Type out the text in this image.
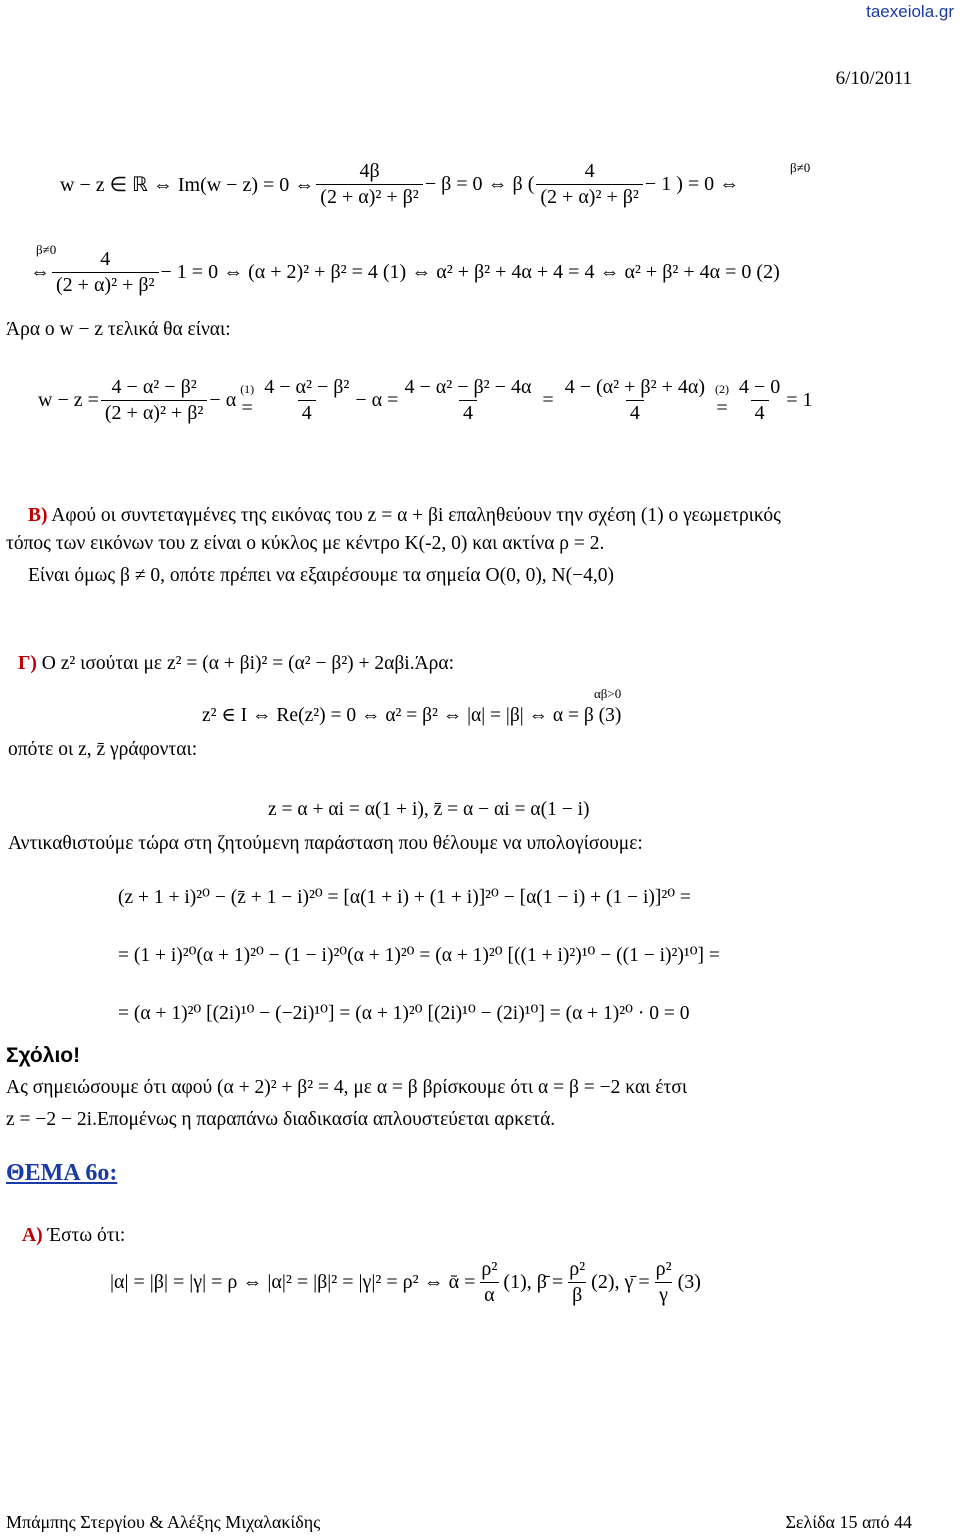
taexeiola.gr
6/10/2011
β≠0
w − z ∈ ℝ ⇔ Im(w − z) = 0 ⇔ $\frac{4\beta}{\text{(2 + α)² + β²}} - \beta = 0$ ⇔ β ( $\frac{4}{\text{(2 + α)² + β²}} - 1$ ) = 0 ⇔
β≠0
⇔ $\frac{4}{\text{(2 + α)² + β²}} - 1 = 0$ ⇔ (α + 2)² + β² = 4 (1) ⇔ α² + β² + 4α + 4 = 4 ⇔ α² + β² + 4α = 0 (2)
Άρα ο w − z τελικά θα είναι:
$w - z = \frac{\text{4 − α² − β²}}{\text{(2 + α)² + β²}} - \alpha$
(1)
= $\frac{\text{4 − α² − β²}}{4} - \alpha = \frac{\text{4 − α² − β² − 4α}}{4} = \frac{\text{4 − (α² + β² + 4α)}}{4} (2)$
= $\frac{4 - 0}{4} = 1$
Β) Αφού οι συντεταγμένες της εικόνας του z = α + βi επαληθεύουν την σχέση (1) ο γεωμετρικός
τόπος των εικόνων του z είναι ο κύκλος με κέντρο Κ(-2, 0) και ακτίνα ρ = 2.
Είναι όμως β ≠ 0, οπότε πρέπει να εξαιρέσουμε τα σημεία Ο(0, 0), Ν(−4,0)
Γ) Ο z² ισούται με z² = (α + βi)² = (α² − β²) + 2αβi.Άρα:
αβ>0
z² ∈ I ⇔ Re(z²) = 0 ⇔ α² = β² ⇔ |α| = |β| ⇔ α = β (3)
οπότε οι z, z̄ γράφονται:
z = α + αi = α(1 + i), z̄ = α − αi = α(1 − i)
Αντικαθιστούμε τώρα στη ζητούμενη παράσταση που θέλουμε να υπολογίσουμε:
(z + 1 + i)²⁰ − (z̄ + 1 − i)²⁰ = [α(1 + i) + (1 + i)]²⁰ − [α(1 − i) + (1 − i)]²⁰ =
= (1 + i)²⁰(α + 1)²⁰ − (1 − i)²⁰(α + 1)²⁰ = (α + 1)²⁰ [((1 + i)²)¹⁰ − ((1 − i)²)¹⁰] =
= (α + 1)²⁰ [(2i)¹⁰ − (−2i)¹⁰] = (α + 1)²⁰ [(2i)¹⁰ − (2i)¹⁰] = (α + 1)²⁰ · 0 = 0
Σχόλιο!
Ας σημειώσουμε ότι αφού (α + 2)² + β² = 4, με α = β βρίσκουμε ότι α = β = −2 και έτσι
z = −2 − 2i.Επομένως η παραπάνω διαδικασία απλουστεύεται αρκετά.
ΘΕΜΑ 6ο:
Α) Έστω ότι:
|α| = |β| = |γ| = ρ ⇔ |α|² = |β|² = |γ|² = ρ² ⇔ ᾱ = $\frac{\text{ρ²}}{\alpha} (1)$, β̄ = $\frac{\text{ρ²}}{\beta} (2)$, γ̄ = $\frac{\text{ρ²}}{\gamma} (3)$
Μπάμπης Στεργίου & Αλέξης Μιχαλακίδης	Σελίδα 15 από 44
